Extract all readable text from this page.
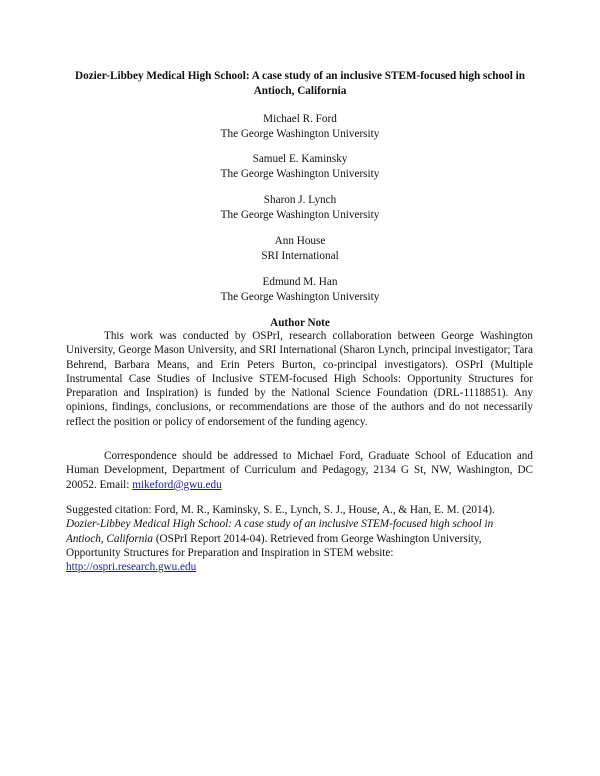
Dozier-Libbey Medical High School: A case study of an inclusive STEM-focused high school in Antioch, California
Michael R. Ford
The George Washington University
Samuel E. Kaminsky
The George Washington University
Sharon J. Lynch
The George Washington University
Ann House
SRI International
Edmund M. Han
The George Washington University
Author Note
This work was conducted by OSPrI, research collaboration between George Washington University, George Mason University, and SRI International (Sharon Lynch, principal investigator; Tara Behrend, Barbara Means, and Erin Peters Burton, co-principal investigators). OSPrI (Multiple Instrumental Case Studies of Inclusive STEM-focused High Schools: Opportunity Structures for Preparation and Inspiration) is funded by the National Science Foundation (DRL-1118851). Any opinions, findings, conclusions, or recommendations are those of the authors and do not necessarily reflect the position or policy of endorsement of the funding agency.
Correspondence should be addressed to Michael Ford, Graduate School of Education and Human Development, Department of Curriculum and Pedagogy, 2134 G St, NW, Washington, DC 20052. Email: mikeford@gwu.edu
Suggested citation: Ford, M. R., Kaminsky, S. E., Lynch, S. J., House, A., & Han, E. M. (2014).
Dozier-Libbey Medical High School: A case study of an inclusive STEM-focused high school in Antioch, California (OSPrI Report 2014-04). Retrieved from George Washington University, Opportunity Structures for Preparation and Inspiration in STEM website:
http://ospri.research.gwu.edu
